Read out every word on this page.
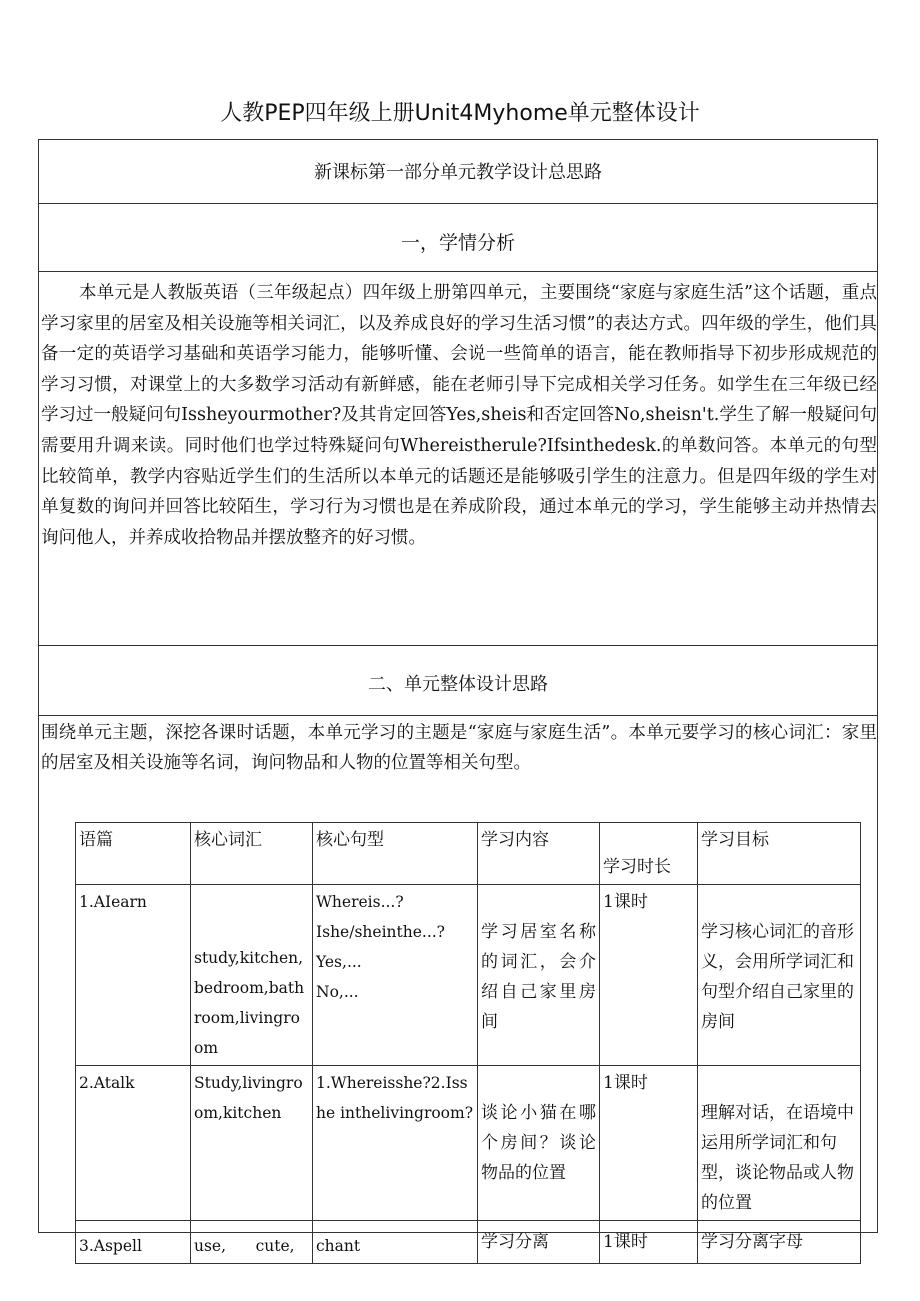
人教PEP四年级上册Unit4Myhome单元整体设计
新课标第一部分单元教学设计总思路
一，学情分析

本单元是人教版英语（三年级起点）四年级上册第四单元，主要围绕“家庭与家庭生活”这个话题，重点学习家里的居室及相关设施等相关词汇，以及养成良好的学习生活习惯”的表达方式。四年级的学生，他们具备一定的英语学习基础和英语学习能力，能够听懂、会说一些简单的语言，能在教师指导下初步形成规范的学习习惯，对课堂上的大多数学习活动有新鲜感，能在老师引导下完成相关学习任务。如学生在三年级已经学习过一般疑问句Issheyourmother?及其肯定回答Yes,sheis和否定回答No,sheisn't.学生了解一般疑问句需要用升调来读。同时他们也学过特殊疑问句Whereistherule?Ifsinthedesk.的单数问答。本单元的句型比较简单，教学内容贴近学生们的生活所以本单元的话题还是能够吸引学生的注意力。但是四年级的学生对单复数的询问并回答比较陌生，学习行为习惯也是在养成阶段，通过本单元的学习，学生能够主动并热情去询问他人，并养成收拾物品并摆放整齐的好习惯。

二、单元整体设计思路

围绕单元主题，深挖各课时话题，本单元学习的主题是“家庭与家庭生活”。本单元要学习的核心词汇：家里的居室及相关设施等名词，询问物品和人物的位置等相关句型。

语篇	核心词汇	核心句型	学习内容	学习时长	学习目标
1.AIearn	study,kitchen,bedroom,bathroom,livingroom	Whereis...?
Ishe/sheinthe...?
Yes,...
No,...	学习居室名称的词汇，会介绍自己家里房间	1课时	学习核心词汇的音形义，会用所学词汇和句型介绍自己家里的房间
2.Atalk	Study,livingroom,kitchen	1.Whereisshe?2.Isshe inthelivingroom?	谈论小猫在哪个房间？谈论物品的位置	1课时	理解对话，在语境中运用所学词汇和句型，谈论物品或人物的位置
3.Aspell	use,      cute,	chant	学习分离	1课时	学习分离字母
